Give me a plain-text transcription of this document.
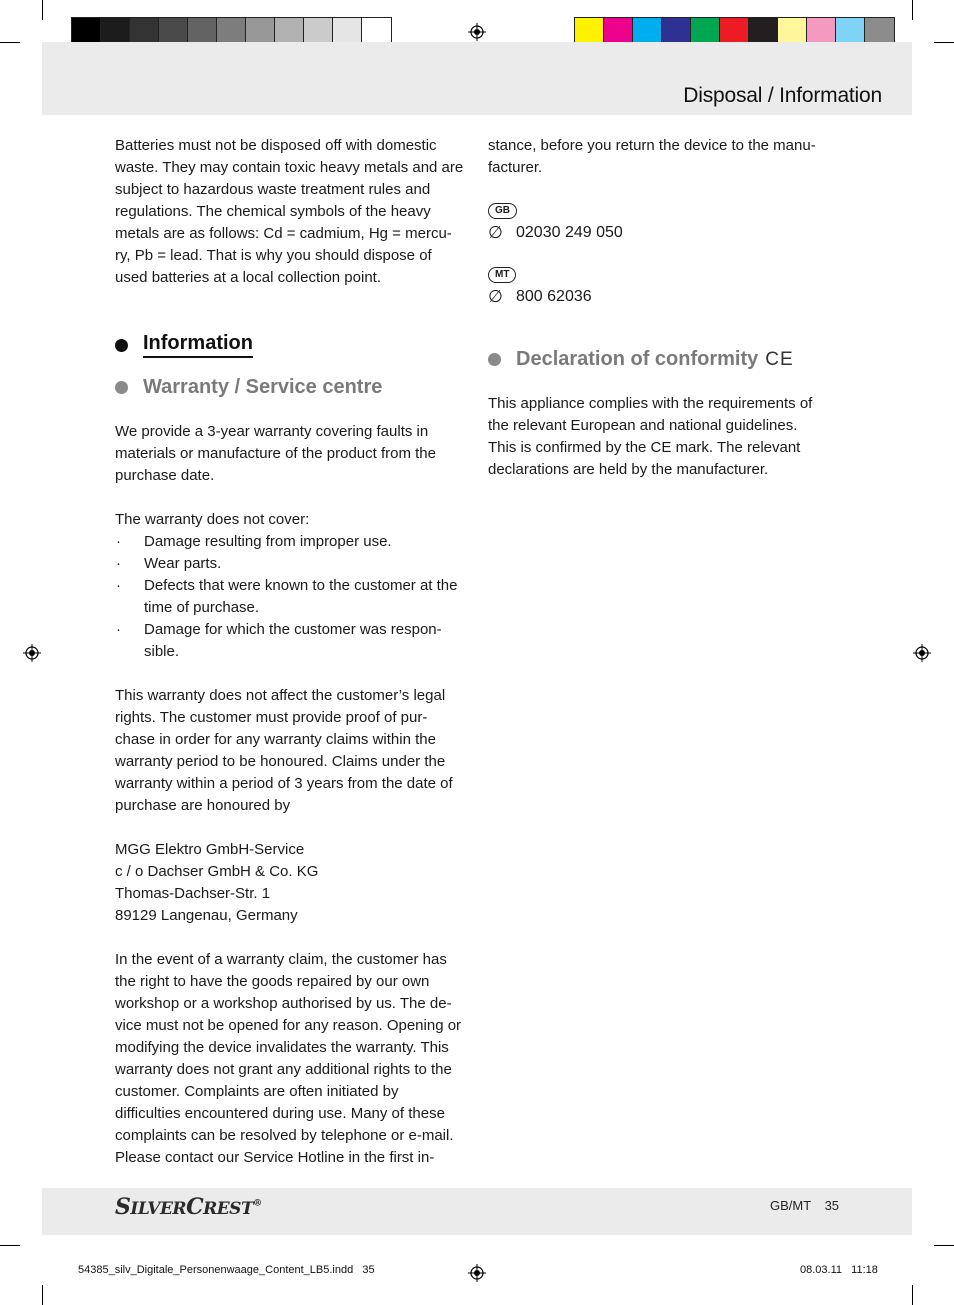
Disposal / Information

Batteries must not be disposed off with domestic waste. They may contain toxic heavy metals and are subject to hazardous waste treatment rules and regulations. The chemical symbols of the heavy metals are as follows: Cd = cadmium, Hg = mercu-ry, Pb = lead. That is why you should dispose of used batteries at a local collection point.

Information
Warranty / Service centre

We provide a 3-year warranty covering faults in materials or manufacture of the product from the purchase date.

The warranty does not cover:

· Damage resulting from improper use.
· Wear parts.
· Defects that were known to the customer at the time of purchase.
· Damage for which the customer was respon-sible.

This warranty does not affect the customer’s legal rights. The customer must provide proof of pur-chase in order for any warranty claims within the warranty period to be honoured. Claims under the warranty within a period of 3 years from the date of purchase are honoured by

MGG Elektro GmbH-Service
c / o Dachser GmbH & Co. KG
Thomas-Dachser-Str. 1
89129 Langenau, Germany

In the event of a warranty claim, the customer has the right to have the goods repaired by our own workshop or a workshop authorised by us. The de-vice must not be opened for any reason. Opening or modifying the device invalidates the warranty. This warranty does not grant any additional rights to the customer. Complaints are often initiated by difficulties encountered during use. Many of these complaints can be resolved by telephone or e-mail. Please contact our Service Hotline in the first in-

stance, before you return the device to the manu-facturer.

GB
∅ 02030 249 050
MT
∅ 800 62036
Declaration of conformity CE

This appliance complies with the requirements of the relevant European and national guidelines. This is confirmed by the CE mark. The relevant declarations are held by the manufacturer.

SILVERCREST®	GB/MT 35
54385_silv_Digitale_Personenwaage_Content_LB5.indd   35	08.03.11   11:18
